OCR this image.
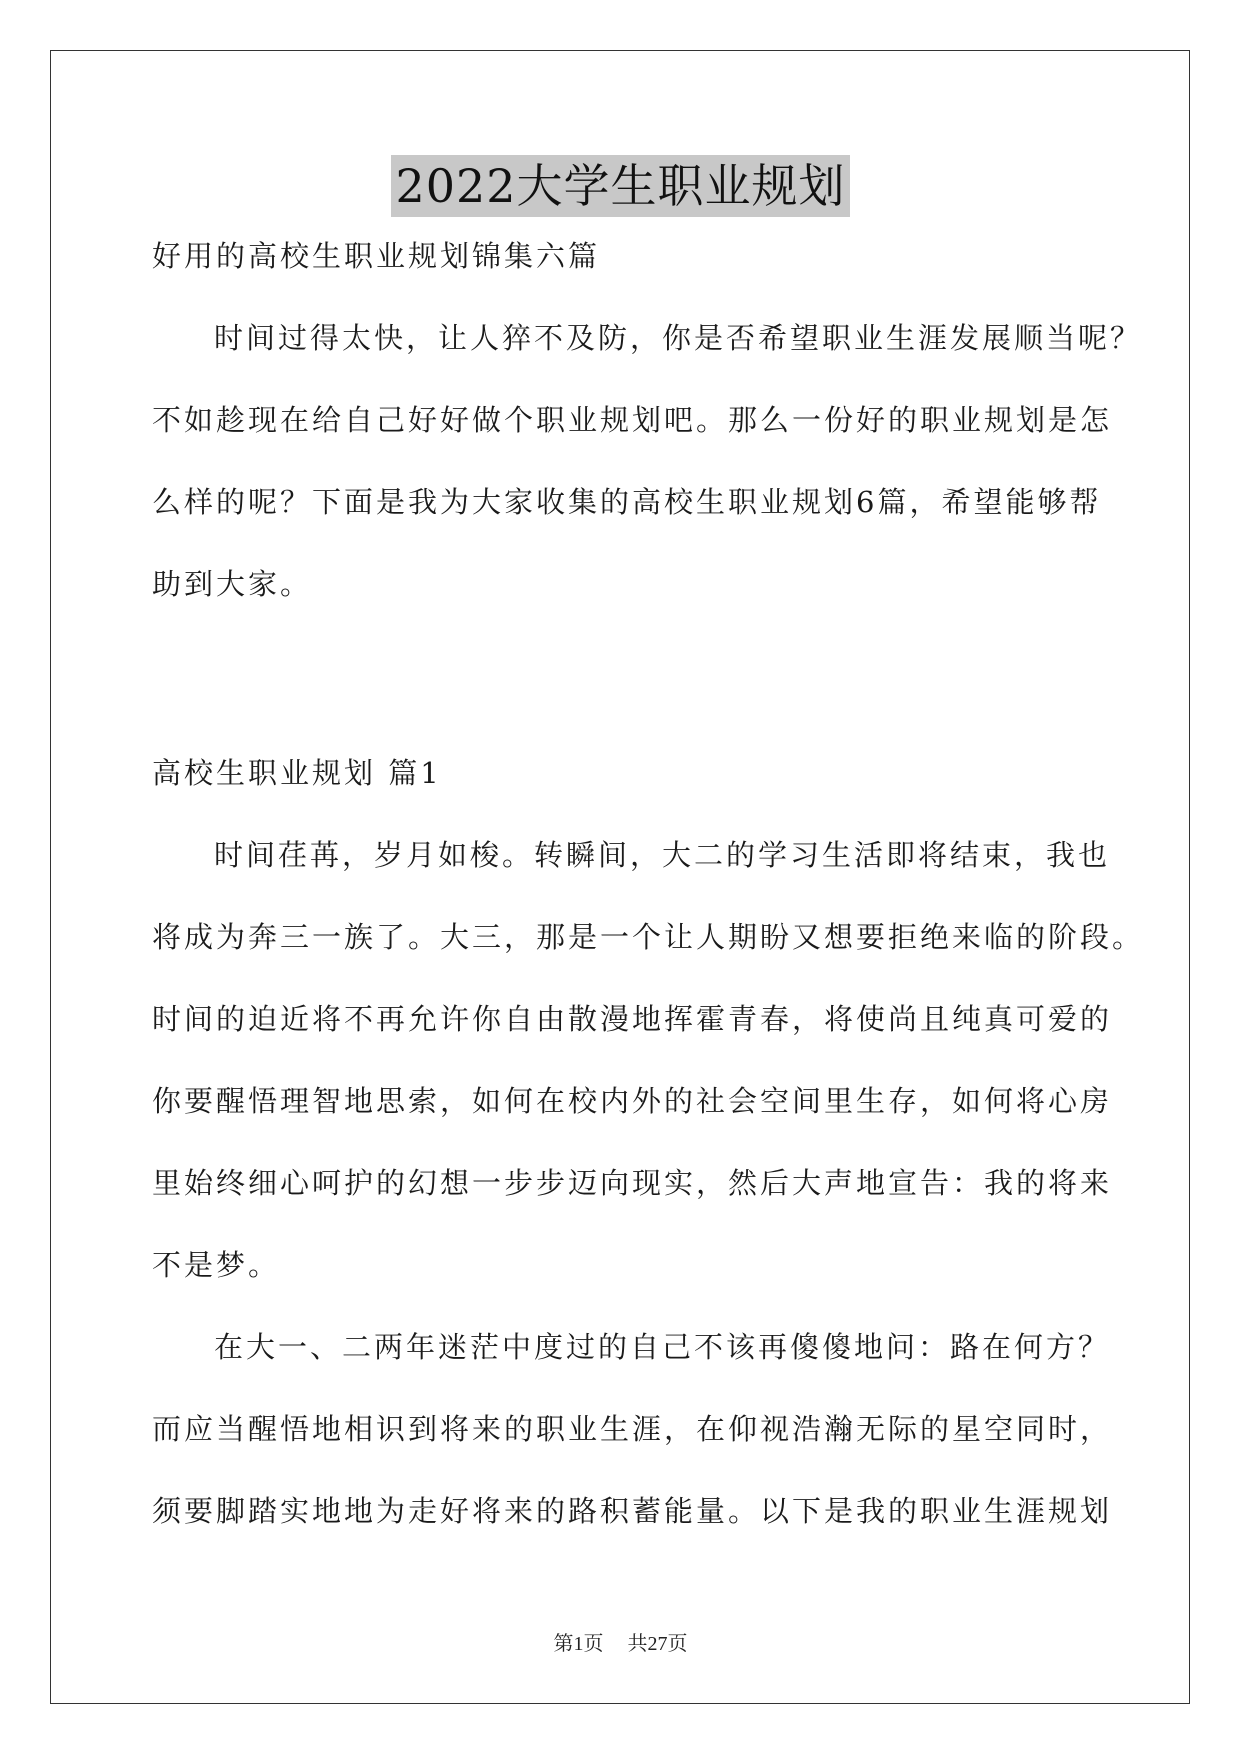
2022大学生职业规划

好用的高校生职业规划锦集六篇

时间过得太快，让人猝不及防，你是否希望职业生涯发展顺当呢？

不如趁现在给自己好好做个职业规划吧。那么一份好的职业规划是怎

么样的呢？下面是我为大家收集的高校生职业规划6篇，希望能够帮

助到大家。

高校生职业规划 篇1

时间荏苒，岁月如梭。转瞬间，大二的学习生活即将结束，我也

将成为奔三一族了。大三，那是一个让人期盼又想要拒绝来临的阶段。

时间的迫近将不再允许你自由散漫地挥霍青春，将使尚且纯真可爱的

你要醒悟理智地思索，如何在校内外的社会空间里生存，如何将心房

里始终细心呵护的幻想一步步迈向现实，然后大声地宣告：我的将来

不是梦。

在大一、二两年迷茫中度过的自己不该再傻傻地问：路在何方？

而应当醒悟地相识到将来的职业生涯，在仰视浩瀚无际的星空同时，

须要脚踏实地地为走好将来的路积蓄能量。以下是我的职业生涯规划

第1页 共27页
